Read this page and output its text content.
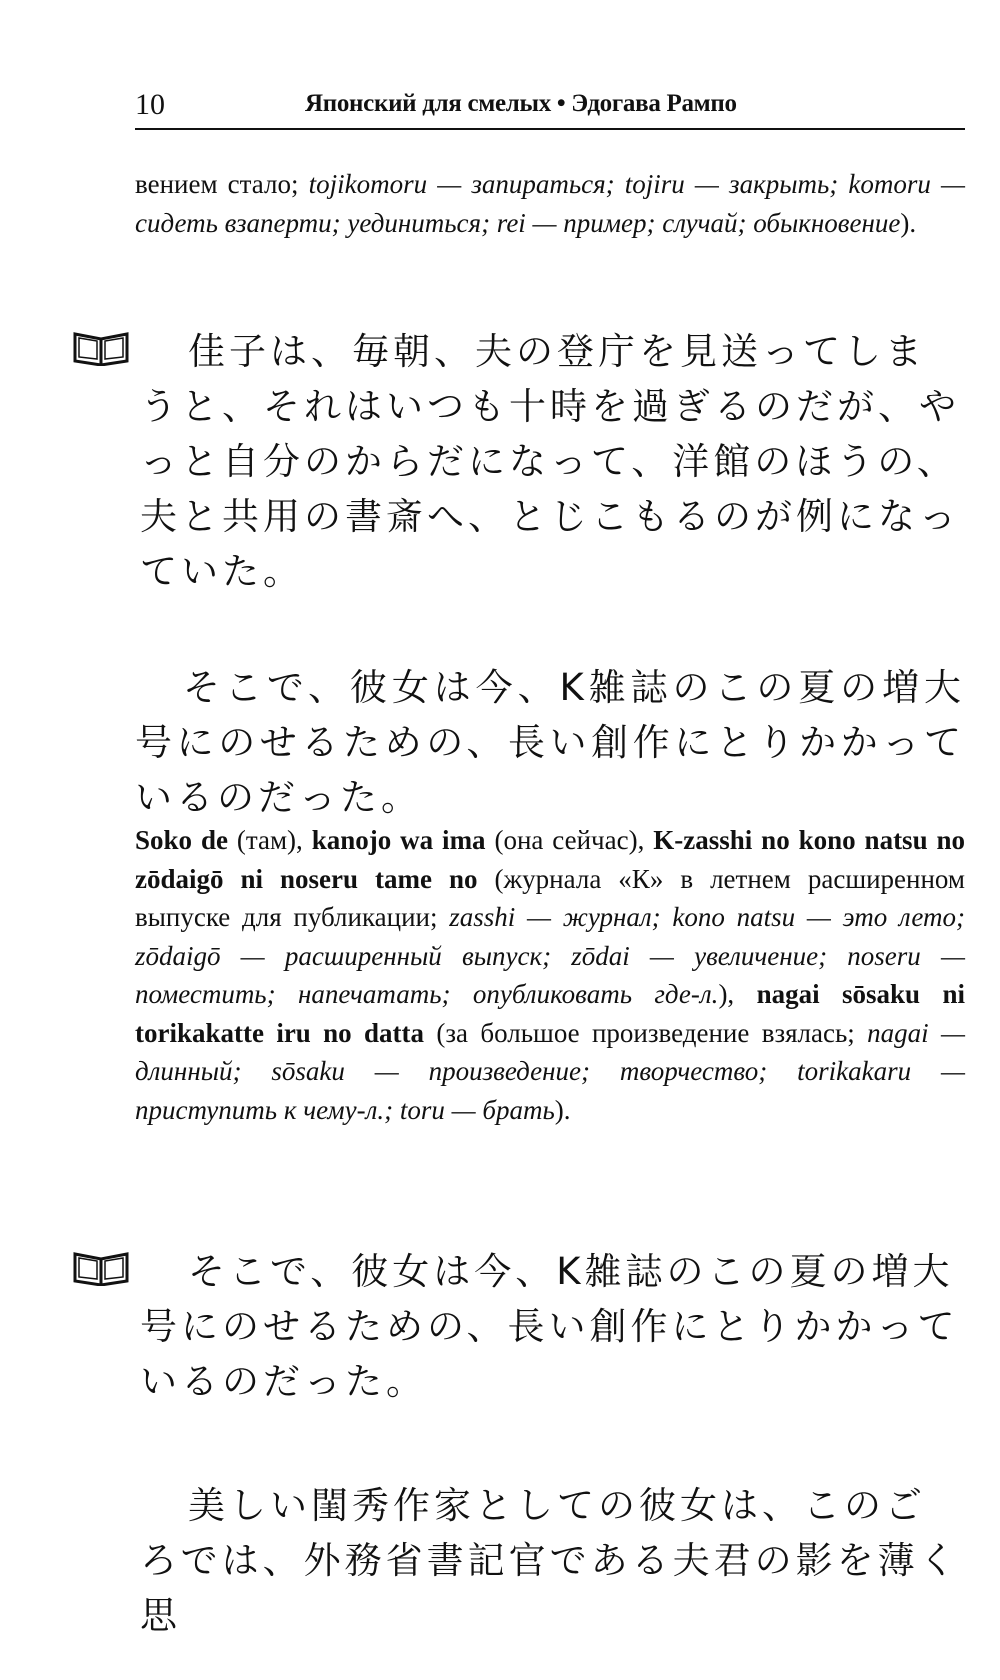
10	Японский для смелых • Эдогава Рампо

вением стало; tojikomoru — запираться; tojiru — закрыть; komoru — сидеть взаперти; уединиться; rei — пример; случай; обыкновение).

佳子は、毎朝、夫の登庁を見送ってしまうと、それはいつも十時を過ぎるのだが、やっと自分のからだになって、洋館のほうの、夫と共用の書斎へ、とじこもるのが例になっていた。

そこで、彼女は今、K雑誌のこの夏の増大号にのせるための、長い創作にとりかかっているのだった。
Soko de (там), kanojo wa ima (она сейчас), K-zasshi no kono natsu no zōdaigō ni noseru tame no (журнала «К» в летнем расширенном выпуске для публикации; zasshi — журнал; kono natsu — это лето; zōdaigō — расширенный выпуск; zōdai — увеличение; noseru — поместить; напечатать; опубликовать где-л.), nagai sōsaku ni torikakatte iru no datta (за большое произведение взялась; nagai — длинный; sōsaku — произведение; творчество; torikakaru — приступить к чему-л.; toru — брать).

そこで、彼女は今、K雑誌のこの夏の増大号にのせるための、長い創作にとりかかっているのだった。

美しい閨秀作家としての彼女は、このごろでは、外務省書記官である夫君の影を薄く思
